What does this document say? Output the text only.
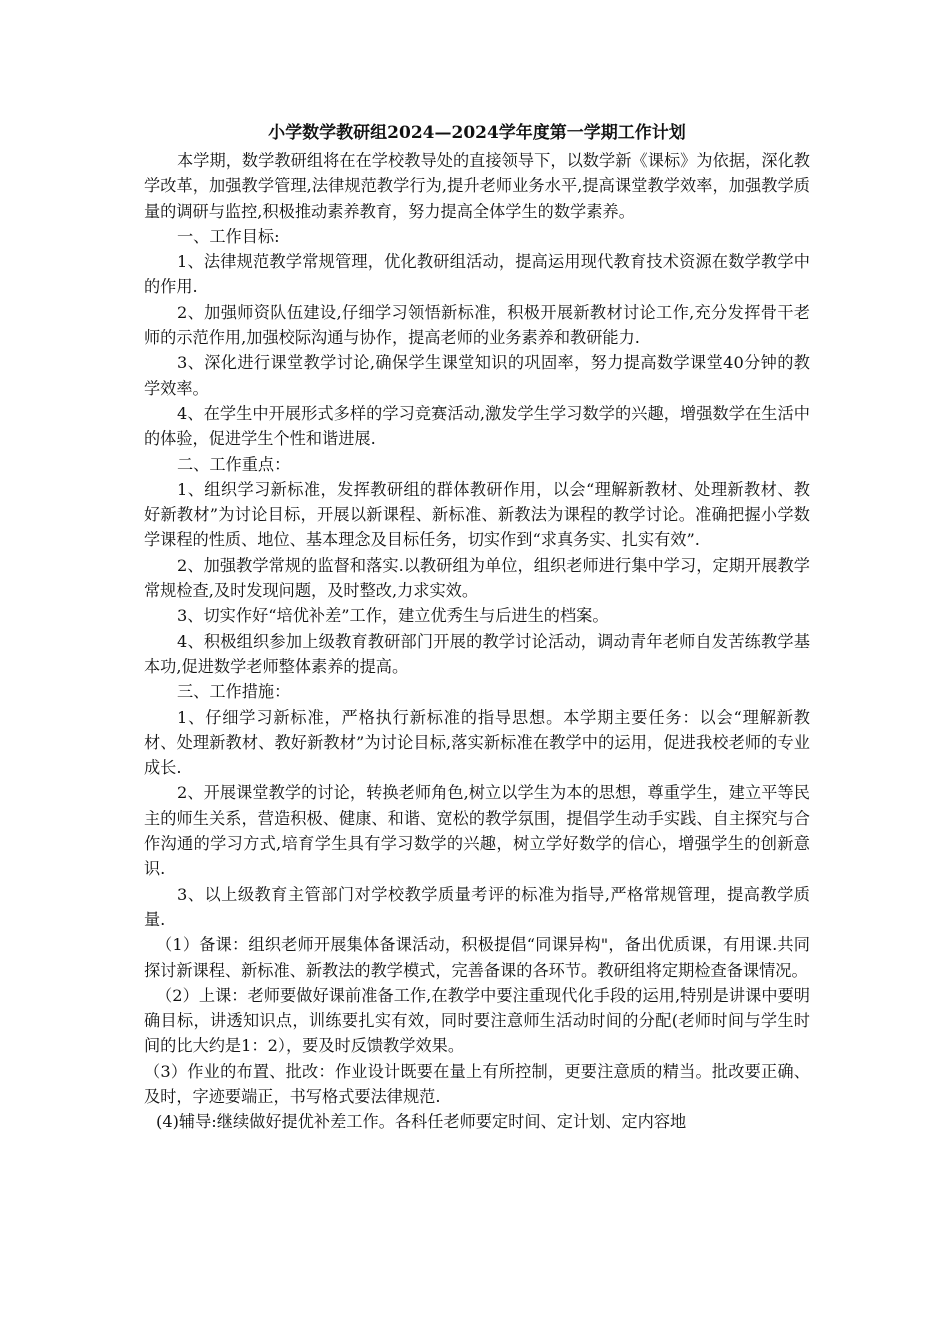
小学数学教研组2024—2024学年度第一学期工作计划

本学期，数学教研组将在在学校教导处的直接领导下，以数学新《课标》为依据，深化教学改革，加强教学管理,法律规范教学行为,提升老师业务水平,提高课堂教学效率，加强教学质量的调研与监控,积极推动素养教育，努力提高全体学生的数学素养。

一、工作目标:

1、法律规范教学常规管理，优化教研组活动，提高运用现代教育技术资源在数学教学中的作用.

2、加强师资队伍建设,仔细学习领悟新标准，积极开展新教材讨论工作,充分发挥骨干老师的示范作用,加强校际沟通与协作，提高老师的业务素养和教研能力.

3、深化进行课堂教学讨论,确保学生课堂知识的巩固率，努力提高数学课堂40分钟的教学效率。

4、在学生中开展形式多样的学习竞赛活动,激发学生学习数学的兴趣，增强数学在生活中的体验，促进学生个性和谐进展.

二、工作重点：

1、组织学习新标准，发挥教研组的群体教研作用，以会“理解新教材、处理新教材、教好新教材”为讨论目标，开展以新课程、新标准、新教法为课程的教学讨论。准确把握小学数学课程的性质、地位、基本理念及目标任务，切实作到“求真务实、扎实有效”.

2、加强教学常规的监督和落实.以教研组为单位，组织老师进行集中学习，定期开展教学常规检查,及时发现问题，及时整改,力求实效。

3、切实作好“培优补差”工作，建立优秀生与后进生的档案。

4、积极组织参加上级教育教研部门开展的教学讨论活动，调动青年老师自发苦练教学基本功,促进数学老师整体素养的提高。

三、工作措施：

1、仔细学习新标准，严格执行新标准的指导思想。本学期主要任务：以会“理解新教材、处理新教材、教好新教材”为讨论目标,落实新标准在教学中的运用，促进我校老师的专业成长.

2、开展课堂教学的讨论，转换老师角色,树立以学生为本的思想，尊重学生，建立平等民主的师生关系，营造积极、健康、和谐、宽松的教学氛围，提倡学生动手实践、自主探究与合作沟通的学习方式,培育学生具有学习数学的兴趣，树立学好数学的信心，增强学生的创新意识.

3、以上级教育主管部门对学校教学质量考评的标准为指导,严格常规管理，提高教学质量.

（1）备课：组织老师开展集体备课活动，积极提倡“同课异构"，备出优质课，有用课.共同探讨新课程、新标准、新教法的教学模式，完善备课的各环节。教研组将定期检查备课情况。

（2）上课：老师要做好课前准备工作,在教学中要注重现代化手段的运用,特别是讲课中要明确目标，讲透知识点，训练要扎实有效，同时要注意师生活动时间的分配(老师时间与学生时间的比大约是1：2），要及时反馈教学效果。

（3）作业的布置、批改：作业设计既要在量上有所控制，更要注意质的精当。批改要正确、及时，字迹要端正，书写格式要法律规范.

(4)辅导:继续做好提优补差工作。各科任老师要定时间、定计划、定内容地
